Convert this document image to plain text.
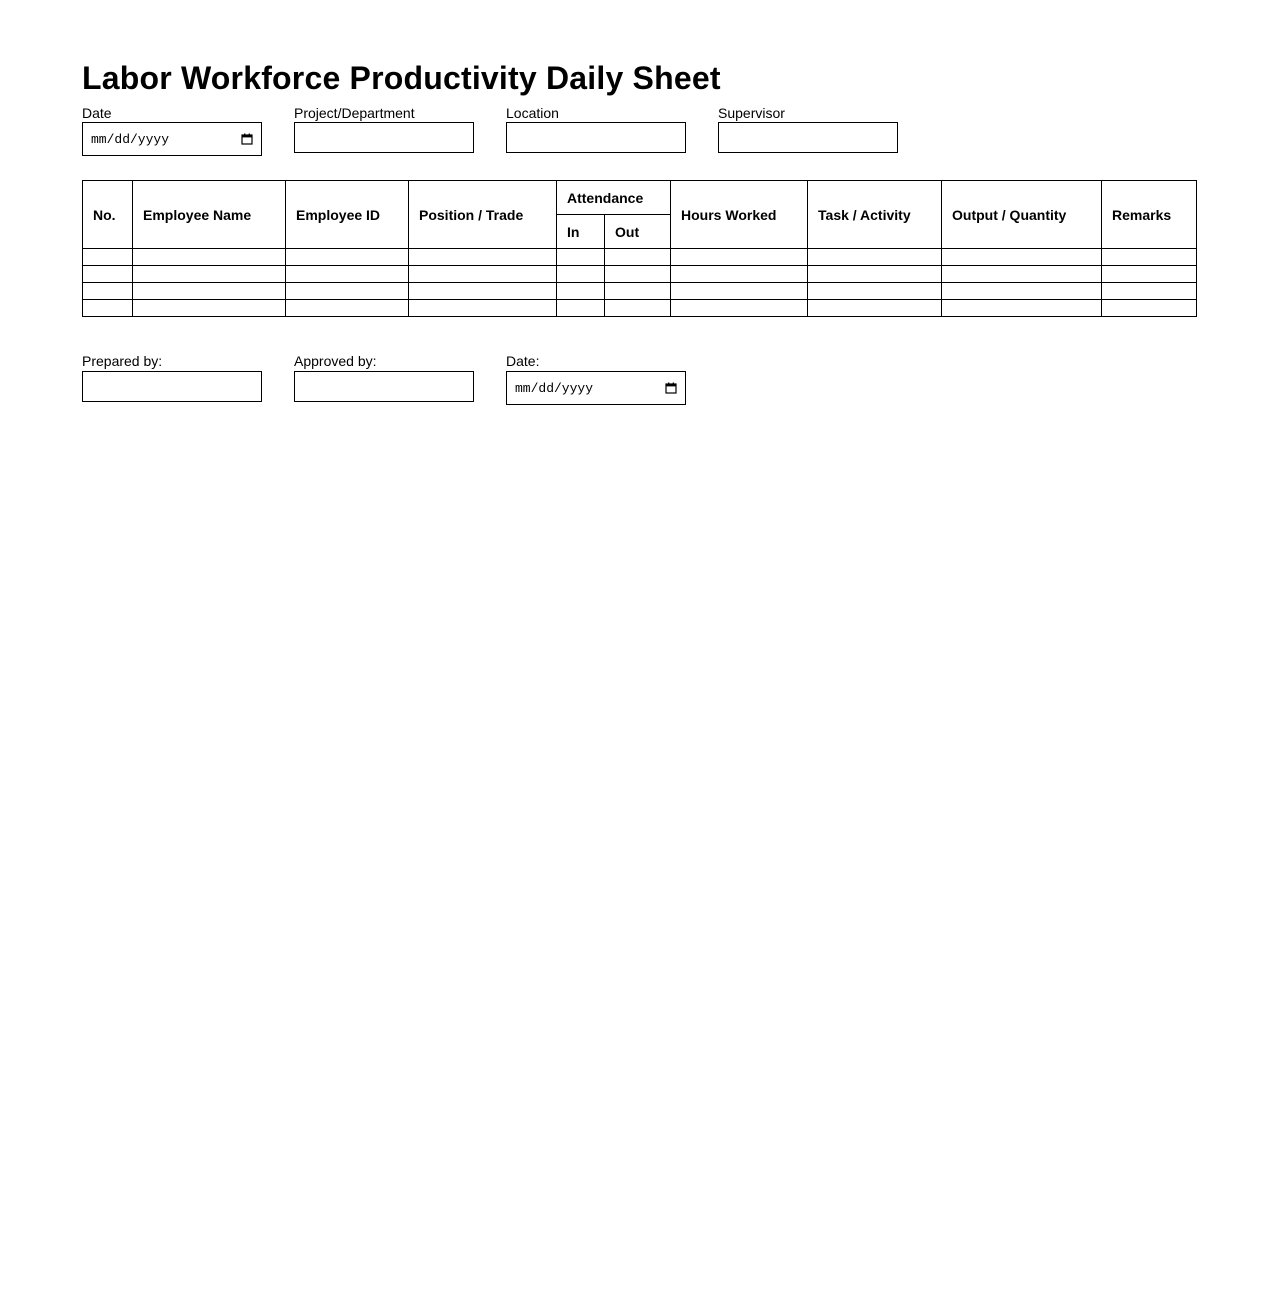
Labor Workforce Productivity Daily Sheet
Date
mm/dd/yyyy
Project/Department	Location	Supervisor
No.	Employee Name	Employee ID	Position / Trade	Attendance		Hours Worked	Task / Activity	Output / Quantity	Remarks
				In	Out				

Prepared by:	Approved by:	Date:
mm/dd/yyyy
